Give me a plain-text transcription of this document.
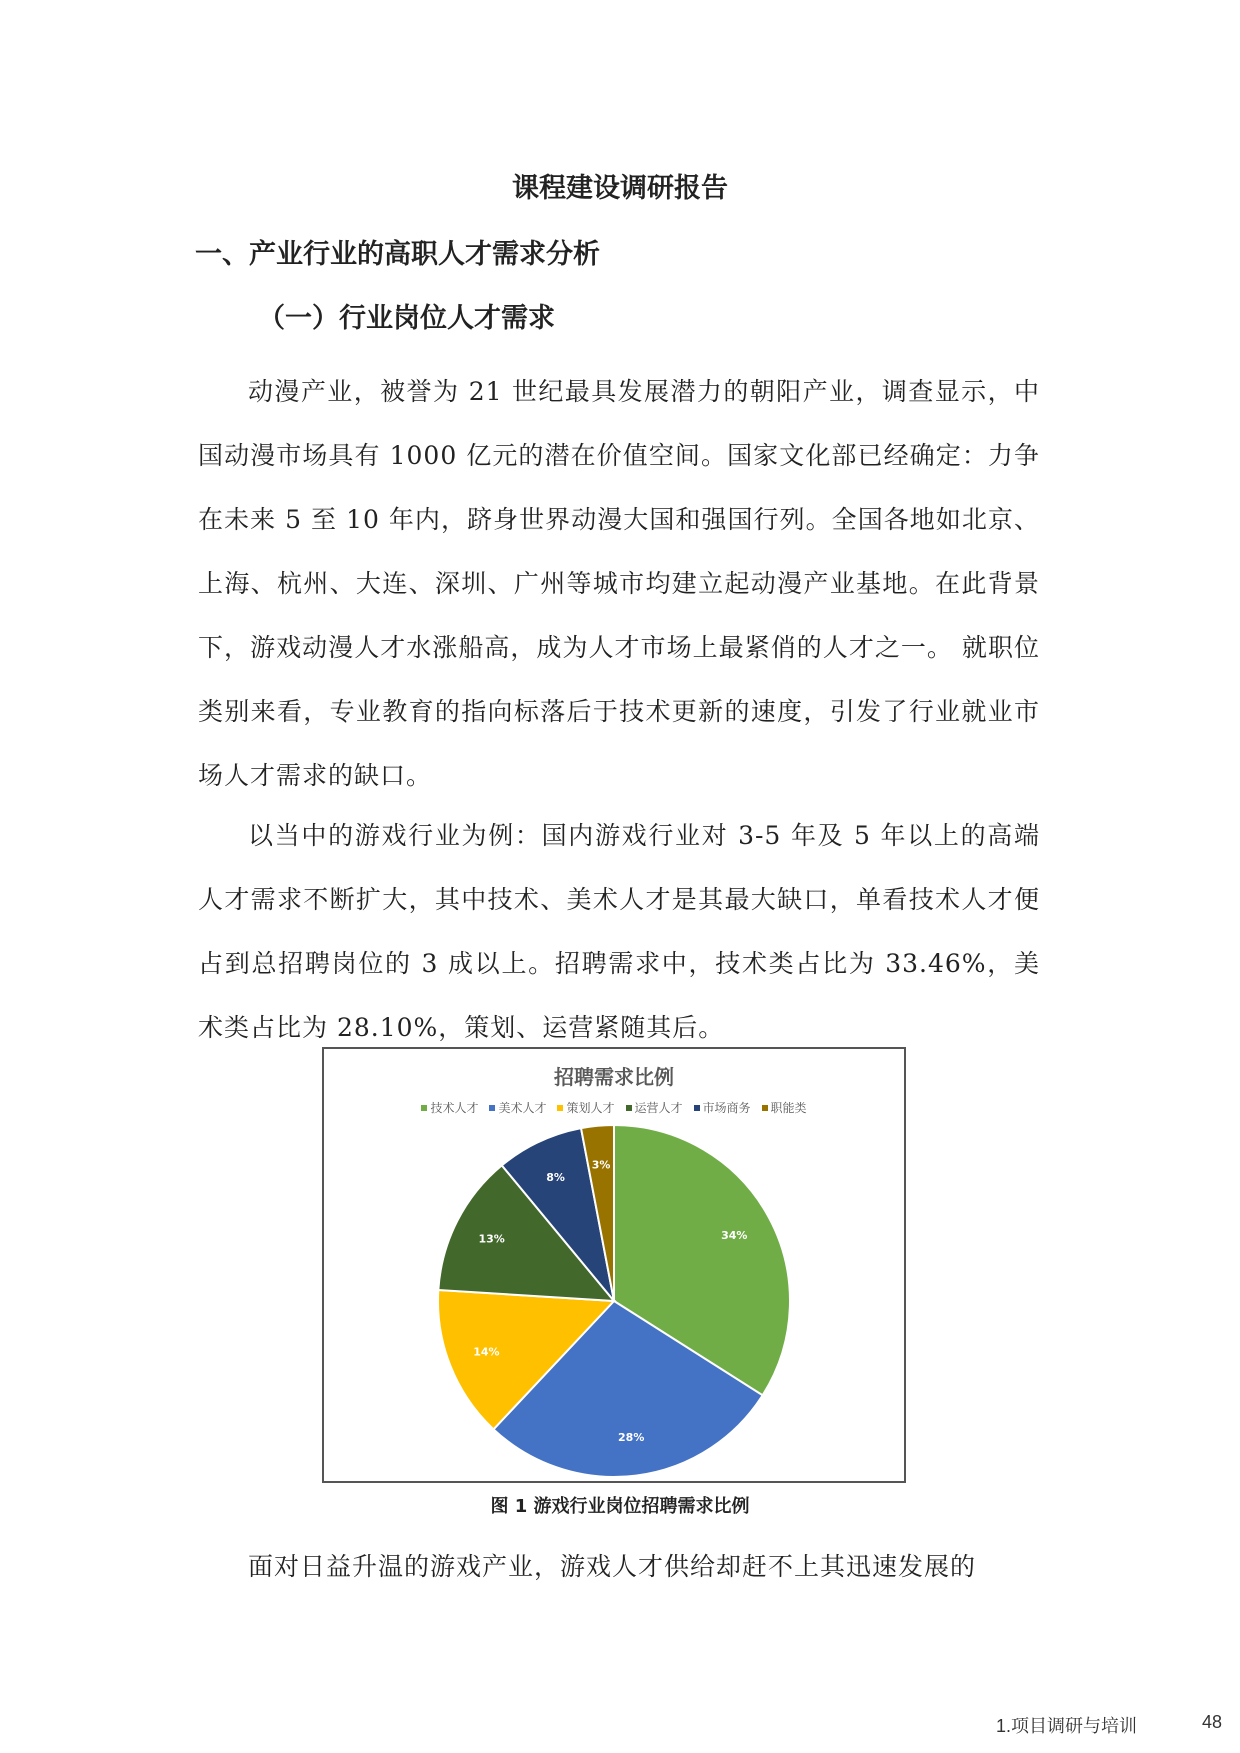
课程建设调研报告
一、产业行业的高职人才需求分析
（一）行业岗位人才需求

动漫产业，被誉为 21 世纪最具发展潜力的朝阳产业，调查显示，中国动漫市场具有 1000 亿元的潜在价值空间。国家文化部已经确定：力争在未来 5 至 10 年内，跻身世界动漫大国和强国行列。全国各地如北京、上海、杭州、大连、深圳、广州等城市均建立起动漫产业基地。在此背景下，游戏动漫人才水涨船高，成为人才市场上最紧俏的人才之一。 就职位类别来看，专业教育的指向标落后于技术更新的速度，引发了行业就业市场人才需求的缺口。

以当中的游戏行业为例：国内游戏行业对 3-5 年及 5 年以上的高端人才需求不断扩大，其中技术、美术人才是其最大缺口，单看技术人才便占到总招聘岗位的 3 成以上。招聘需求中，技术类占比为 33.46%，美术类占比为 28.10%，策划、运营紧随其后。

招聘需求比例
技术人才 美术人才 策划人才 运营人才 市场商务 职能类
34%
28%
14%
13%
8%
3%

图 1 游戏行业岗位招聘需求比例

面对日益升温的游戏产业，游戏人才供给却赶不上其迅速发展的

1.项目调研与培训	48
